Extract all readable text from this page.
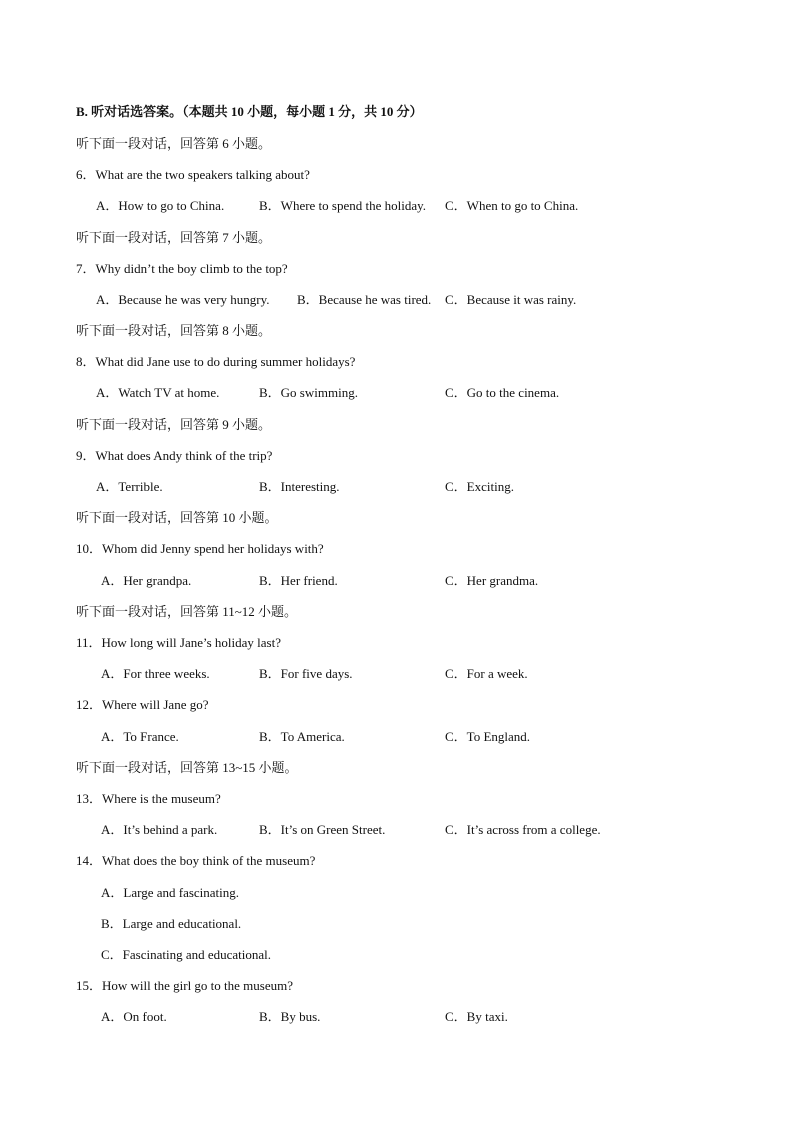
B. 听对话选答案。（本题共 10 小题，每小题 1 分，共 10 分）
听下面一段对话，回答第 6 小题。
6．What are the two speakers talking about?
A．How to go to China.	B．Where to spend the holiday. C．When to go to China.
听下面一段对话，回答第 7 小题。
7．Why didn’t the boy climb to the top?
A．Because he was very hungry. B．Because he was tired. C．Because it was rainy.
听下面一段对话，回答第 8 小题。
8．What did Jane use to do during summer holidays?
A．Watch TV at home.	B．Go swimming.	C．Go to the cinema.
听下面一段对话，回答第 9 小题。
9．What does Andy think of the trip?
A．Terrible.	B．Interesting.	C．Exciting.
听下面一段对话，回答第 10 小题。
10．Whom did Jenny spend her holidays with?
A．Her grandpa.	B．Her friend.	C．Her grandma.
听下面一段对话，回答第 11~12 小题。
11．How long will Jane’s holiday last?
A．For three weeks.	B．For five days.	C．For a week.
12．Where will Jane go?
A．To France.	B．To America.	C．To England.
听下面一段对话，回答第 13~15 小题。
13．Where is the museum?
A．It’s behind a park.	B．It’s on Green Street.	C．It’s across from a college.
14．What does the boy think of the museum?
A．Large and fascinating.
B．Large and educational.
C．Fascinating and educational.
15．How will the girl go to the museum?
A．On foot.	B．By bus.	C．By taxi.
